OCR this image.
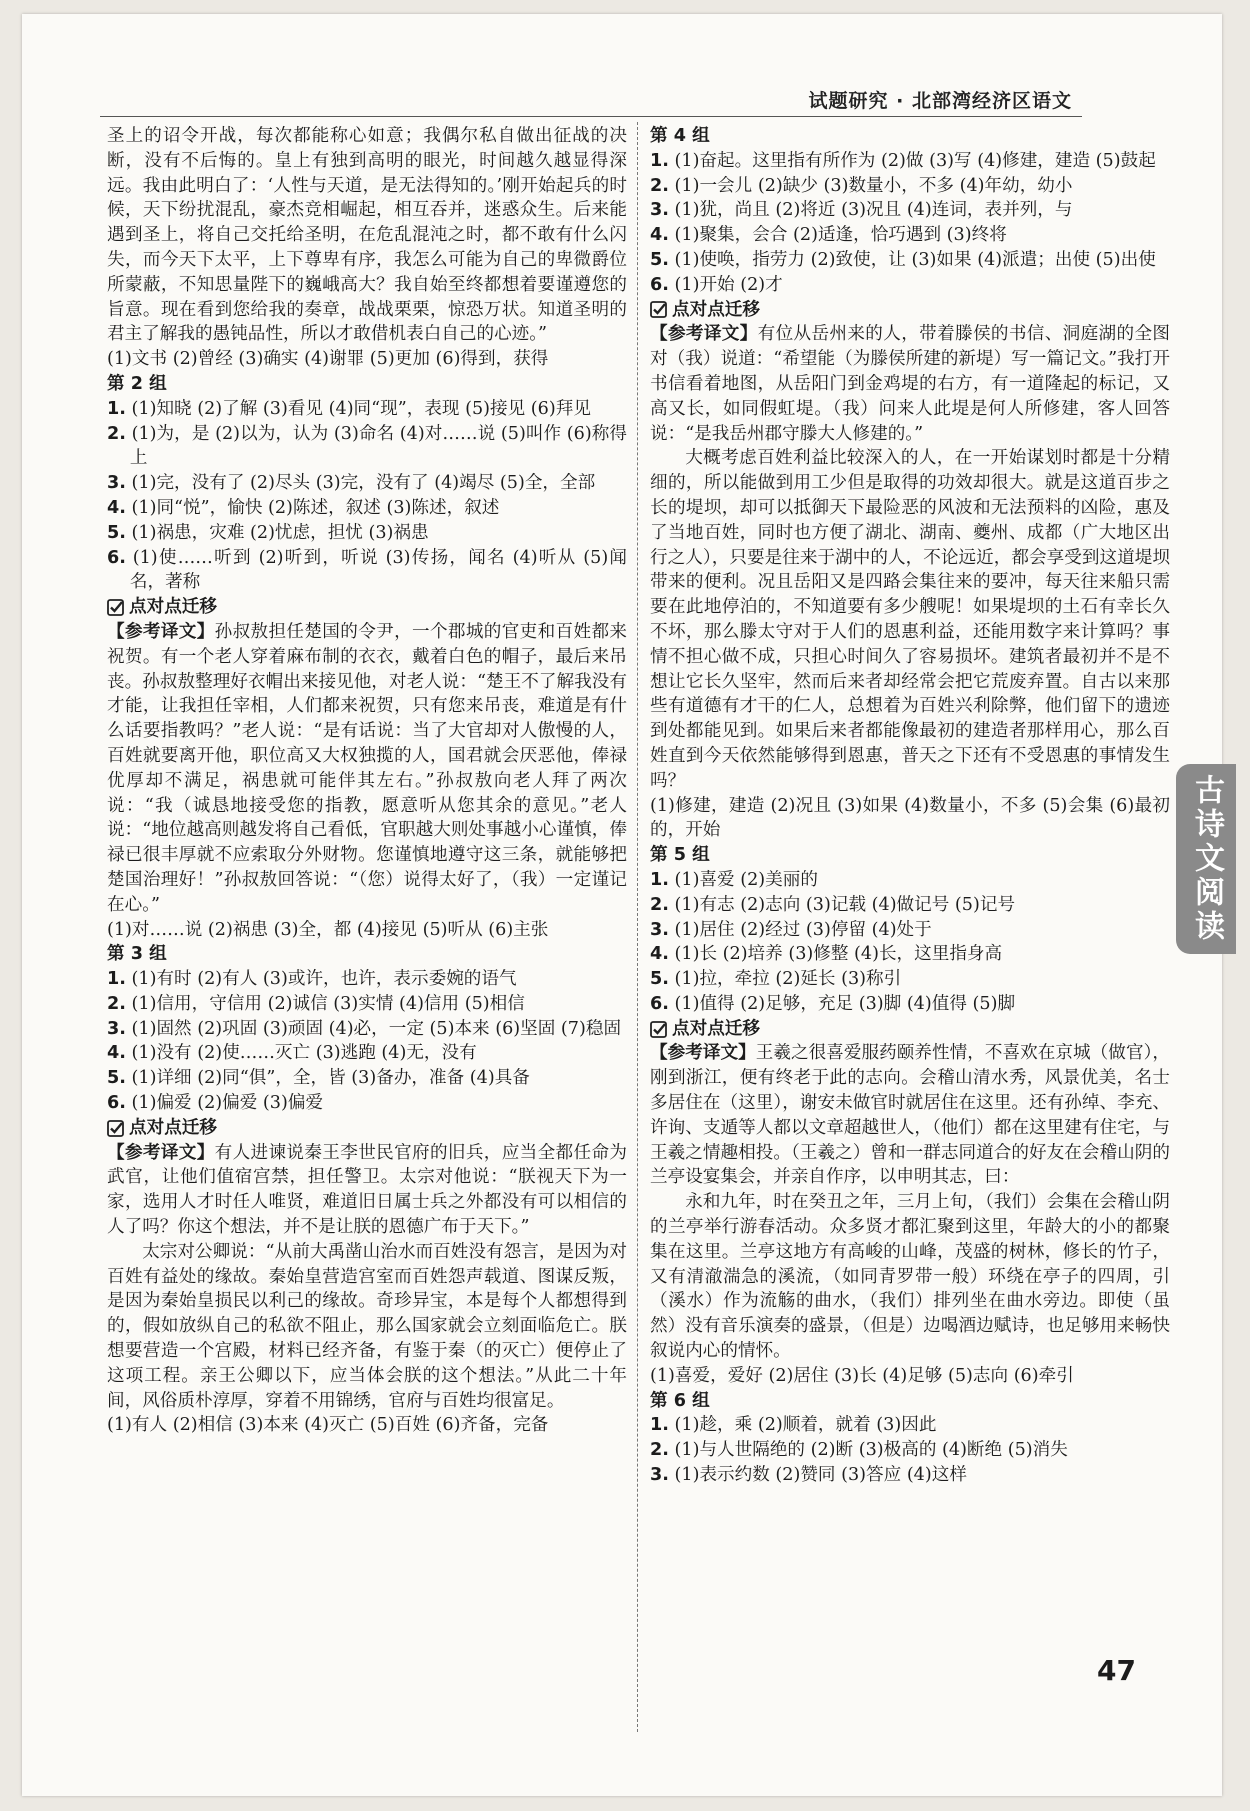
试题研究 · 北部湾经济区语文

圣上的诏令开战，每次都能称心如意；我偶尔私自做出征战的决断，没有不后悔的。皇上有独到高明的眼光，时间越久越显得深远。我由此明白了：‘人性与天道，是无法得知的。’刚开始起兵的时候，天下纷扰混乱，豪杰竞相崛起，相互吞并，迷惑众生。后来能遇到圣上，将自己交托给圣明，在危乱混沌之时，都不敢有什么闪失，而今天下太平，上下尊卑有序，我怎么可能为自己的卑微爵位所蒙蔽，不知思量陛下的巍峨高大？我自始至终都想着要谨遵您的旨意。现在看到您给我的奏章，战战栗栗，惊恐万状。知道圣明的君主了解我的愚钝品性，所以才敢借机表白自己的心迹。”

(1)文书 (2)曾经 (3)确实 (4)谢罪 (5)更加 (6)得到，获得

第 2 组

1. (1)知晓 (2)了解 (3)看见 (4)同“现”，表现 (5)接见 (6)拜见

2. (1)为，是 (2)以为，认为 (3)命名 (4)对……说 (5)叫作 (6)称得上

3. (1)完，没有了 (2)尽头 (3)完，没有了 (4)竭尽 (5)全，全部

4. (1)同“悦”，愉快 (2)陈述，叙述 (3)陈述，叙述

5. (1)祸患，灾难 (2)忧虑，担忧 (3)祸患

6. (1)使……听到 (2)听到，听说 (3)传扬，闻名 (4)听从 (5)闻名，著称

点对点迁移

【参考译文】孙叔敖担任楚国的令尹，一个郡城的官吏和百姓都来祝贺。有一个老人穿着麻布制的衣衣，戴着白色的帽子，最后来吊丧。孙叔敖整理好衣帽出来接见他，对老人说：“楚王不了解我没有才能，让我担任宰相，人们都来祝贺，只有您来吊丧，难道是有什么话要指教吗？”老人说：“是有话说：当了大官却对人傲慢的人，百姓就要离开他，职位高又大权独揽的人，国君就会厌恶他，俸禄优厚却不满足，祸患就可能伴其左右。”孙叔敖向老人拜了两次说：“我（诚恳地接受您的指教，愿意听从您其余的意见。”老人说：“地位越高则越发将自己看低，官职越大则处事越小心谨慎，俸禄已很丰厚就不应索取分外财物。您谨慎地遵守这三条，就能够把楚国治理好！”孙叔敖回答说：“（您）说得太好了，（我）一定谨记在心。”

(1)对……说 (2)祸患 (3)全，都 (4)接见 (5)听从 (6)主张

第 3 组

1. (1)有时 (2)有人 (3)或许，也许，表示委婉的语气

2. (1)信用，守信用 (2)诚信 (3)实情 (4)信用 (5)相信

3. (1)固然 (2)巩固 (3)顽固 (4)必，一定 (5)本来 (6)坚固 (7)稳固

4. (1)没有 (2)使……灭亡 (3)逃跑 (4)无，没有

5. (1)详细 (2)同“俱”，全，皆 (3)备办，准备 (4)具备

6. (1)偏爱 (2)偏爱 (3)偏爱

点对点迁移

【参考译文】有人进谏说秦王李世民官府的旧兵，应当全都任命为武官，让他们值宿宫禁，担任警卫。太宗对他说：“朕视天下为一家，选用人才时任人唯贤，难道旧日属士兵之外都没有可以相信的人了吗？你这个想法，并不是让朕的恩德广布于天下。”

太宗对公卿说：“从前大禹凿山治水而百姓没有怨言，是因为对百姓有益处的缘故。秦始皇营造宫室而百姓怨声载道、图谋反叛，是因为秦始皇损民以利己的缘故。奇珍异宝，本是每个人都想得到的，假如放纵自己的私欲不阻止，那么国家就会立刻面临危亡。朕想要营造一个宫殿，材料已经齐备，有鉴于秦（的灭亡）便停止了这项工程。亲王公卿以下，应当体会朕的这个想法。”从此二十年间，风俗质朴淳厚，穿着不用锦绣，官府与百姓均很富足。

(1)有人 (2)相信 (3)本来 (4)灭亡 (5)百姓 (6)齐备，完备

第 4 组

1. (1)奋起。这里指有所作为 (2)做 (3)写 (4)修建，建造 (5)鼓起

2. (1)一会儿 (2)缺少 (3)数量小，不多 (4)年幼，幼小

3. (1)犹，尚且 (2)将近 (3)况且 (4)连词，表并列，与

4. (1)聚集，会合 (2)适逢，恰巧遇到 (3)终将

5. (1)使唤，指劳力 (2)致使，让 (3)如果 (4)派遣；出使 (5)出使

6. (1)开始 (2)才

点对点迁移

【参考译文】有位从岳州来的人，带着滕侯的书信、洞庭湖的全图对（我）说道：“希望能（为滕侯所建的新堤）写一篇记文。”我打开书信看着地图，从岳阳门到金鸡堤的右方，有一道隆起的标记，又高又长，如同假虹堤。（我）问来人此堤是何人所修建，客人回答说：“是我岳州郡守滕大人修建的。”

大概考虑百姓利益比较深入的人，在一开始谋划时都是十分精细的，所以能做到用工少但是取得的功效却很大。就是这道百步之长的堤坝，却可以抵御天下最险恶的风波和无法预料的凶险，惠及了当地百姓，同时也方便了湖北、湖南、夔州、成都（广大地区出行之人），只要是往来于湖中的人，不论远近，都会享受到这道堤坝带来的便利。况且岳阳又是四路会集往来的要冲，每天往来船只需要在此地停泊的，不知道要有多少艘呢！如果堤坝的土石有幸长久不坏，那么滕太守对于人们的恩惠利益，还能用数字来计算吗？事情不担心做不成，只担心时间久了容易损坏。建筑者最初并不是不想让它长久坚牢，然而后来者却经常会把它荒废弃置。自古以来那些有道德有才干的仁人，总想着为百姓兴利除弊，他们留下的遗迹到处都能见到。如果后来者都能像最初的建造者那样用心，那么百姓直到今天依然能够得到恩惠，普天之下还有不受恩惠的事情发生吗？

(1)修建，建造 (2)况且 (3)如果 (4)数量小，不多 (5)会集 (6)最初的，开始

第 5 组

1. (1)喜爱 (2)美丽的

2. (1)有志 (2)志向 (3)记载 (4)做记号 (5)记号

3. (1)居住 (2)经过 (3)停留 (4)处于

4. (1)长 (2)培养 (3)修整 (4)长，这里指身高

5. (1)拉，牵拉 (2)延长 (3)称引

6. (1)值得 (2)足够，充足 (3)脚 (4)值得 (5)脚

点对点迁移

【参考译文】王羲之很喜爱服药颐养性情，不喜欢在京城（做官），刚到浙江，便有终老于此的志向。会稽山清水秀，风景优美，名士多居住在（这里），谢安未做官时就居住在这里。还有孙绰、李充、许询、支遁等人都以文章超越世人，（他们）都在这里建有住宅，与王羲之情趣相投。（王羲之）曾和一群志同道合的好友在会稽山阴的兰亭设宴集会，并亲自作序，以申明其志，曰：

永和九年，时在癸丑之年，三月上旬，（我们）会集在会稽山阴的兰亭举行游春活动。众多贤才都汇聚到这里，年龄大的小的都聚集在这里。兰亭这地方有高峻的山峰，茂盛的树林，修长的竹子，又有清澈湍急的溪流，（如同青罗带一般）环绕在亭子的四周，引（溪水）作为流觞的曲水，（我们）排列坐在曲水旁边。即使（虽然）没有音乐演奏的盛景，（但是）边喝酒边赋诗，也足够用来畅快叙说内心的情怀。

(1)喜爱，爱好 (2)居住 (3)长 (4)足够 (5)志向 (6)牵引

第 6 组

1. (1)趁，乘 (2)顺着，就着 (3)因此

2. (1)与人世隔绝的 (2)断 (3)极高的 (4)断绝 (5)消失

3. (1)表示约数 (2)赞同 (3)答应 (4)这样

古诗文阅读
47
